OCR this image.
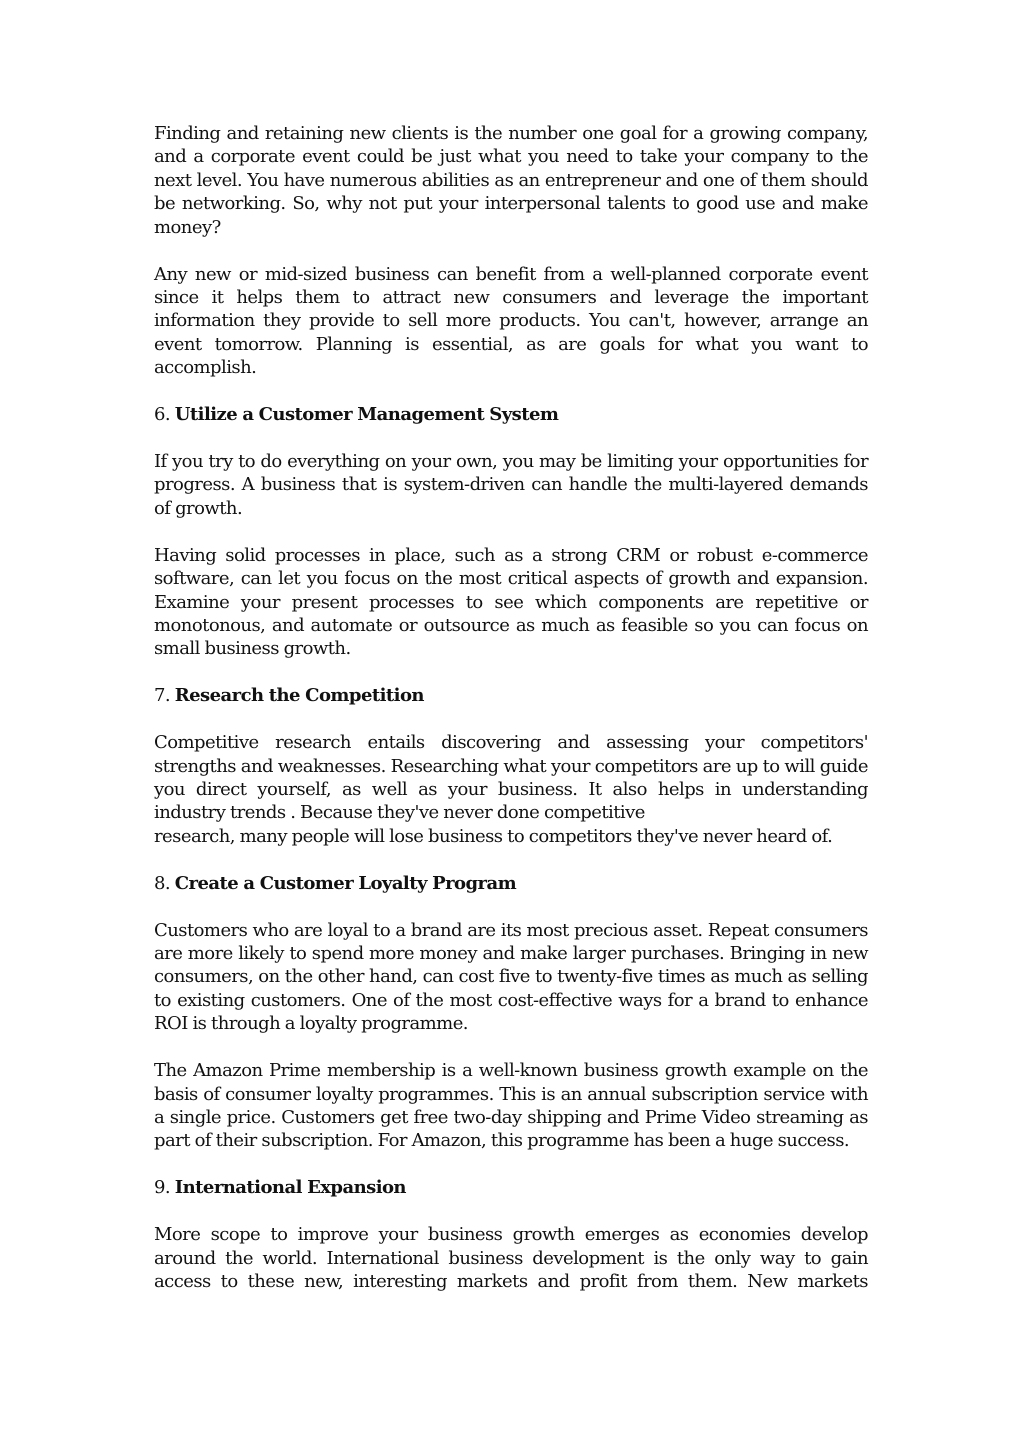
Finding and retaining new clients is the number one goal for a growing company, and a corporate event could be just what you need to take your company to the next level. You have numerous abilities as an entrepreneur and one of them should be networking. So, why not put your interpersonal talents to good use and make money?

Any new or mid-sized business can benefit from a well-planned corporate event since it helps them to attract new consumers and leverage the important information they provide to sell more products. You can't, however, arrange an event tomorrow. Planning is essential, as are goals for what you want to accomplish.

6. Utilize a Customer Management System

If you try to do everything on your own, you may be limiting your opportunities for progress. A business that is system-driven can handle the multi-layered demands of growth.

Having solid processes in place, such as a strong CRM or robust e-commerce software, can let you focus on the most critical aspects of growth and expansion. Examine your present processes to see which components are repetitive or monotonous, and automate or outsource as much as feasible so you can focus on small business growth.

7. Research the Competition
Competitive research entails discovering and assessing your competitors' strengths and weaknesses. Researching what your competitors are up to will guide you direct yourself, as well as your business. It also helps in understanding industry trends . Because they've never done competitive
research, many people will lose business to competitors they've never heard of.
8. Create a Customer Loyalty Program

Customers who are loyal to a brand are its most precious asset. Repeat consumers are more likely to spend more money and make larger purchases. Bringing in new consumers, on the other hand, can cost five to twenty-five times as much as selling to existing customers. One of the most cost-effective ways for a brand to enhance ROI is through a loyalty programme.

The Amazon Prime membership is a well-known business growth example on the basis of consumer loyalty programmes. This is an annual subscription service with a single price. Customers get free two-day shipping and Prime Video streaming as part of their subscription. For Amazon, this programme has been a huge success.

9. International Expansion

More scope to improve your business growth emerges as economies develop around the world. International business development is the only way to gain access to these new, interesting markets and profit from them. New markets
